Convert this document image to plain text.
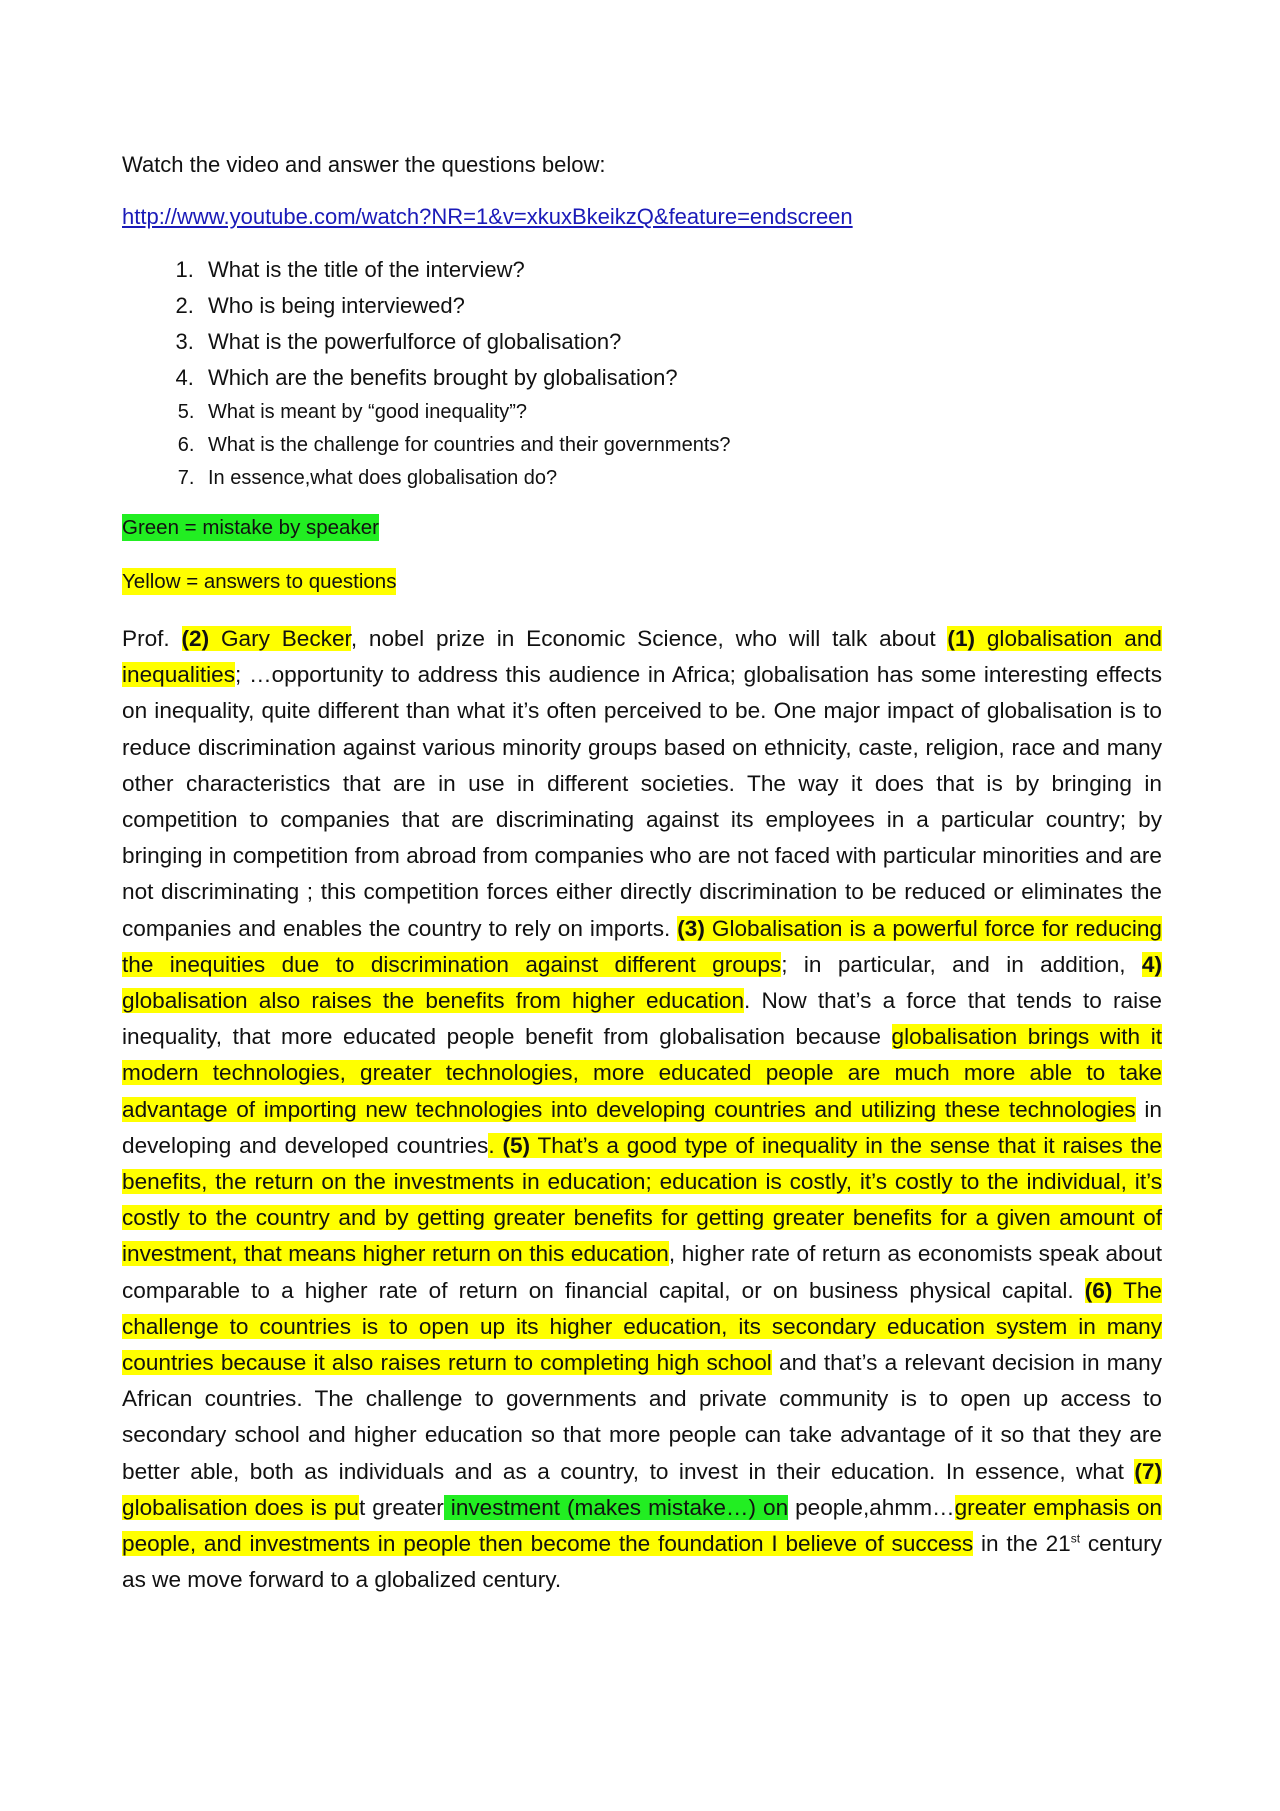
Watch the video and answer the questions below:

http://www.youtube.com/watch?NR=1&v=xkuxBkeikzQ&feature=endscreen
1. What is the title of the interview?
2. Who is being interviewed?
3. What is the powerfulforce of globalisation?
4. Which are the benefits brought by globalisation?
5. What is meant by “good inequality”?
6. What is the challenge for countries and their governments?
7. In essence,what does globalisation do?

Green = mistake by speaker

Yellow = answers to questions

Prof. (2) Gary Becker, nobel prize in Economic Science, who will talk about (1) globalisation and inequalities; …opportunity to address this audience in Africa; globalisation has some interesting effects on inequality, quite different than what it’s often perceived to be. One major impact of globalisation is to reduce discrimination against various minority groups based on ethnicity, caste, religion, race and many other characteristics that are in use in different societies. The way it does that is by bringing in competition to companies that are discriminating against its employees in a particular country; by bringing in competition from abroad from companies who are not faced with particular minorities and are not discriminating ; this competition forces either directly discrimination to be reduced or eliminates the companies and enables the country to rely on imports. (3) Globalisation is a powerful force for reducing the inequities due to discrimination against different groups; in particular, and in addition, 4) globalisation also raises the benefits from higher education. Now that’s a force that tends to raise inequality, that more educated people benefit from globalisation because globalisation brings with it modern technologies, greater technologies, more educated people are much more able to take advantage of importing new technologies into developing countries and utilizing these technologies in developing and developed countries. (5) That’s a good type of inequality in the sense that it raises the benefits, the return on the investments in education; education is costly, it’s costly to the individual, it’s costly to the country and by getting greater benefits for getting greater benefits for a given amount of investment, that means higher return on this education, higher rate of return as economists speak about comparable to a higher rate of return on financial capital, or on business physical capital. (6) The challenge to countries is to open up its higher education, its secondary education system in many countries because it also raises return to completing high school and that’s a relevant decision in many African countries. The challenge to governments and private community is to open up access to secondary school and higher education so that more people can take advantage of it so that they are better able, both as individuals and as a country, to invest in their education. In essence, what (7) globalisation does is put greater investment (makes mistake…) on people,ahmm…greater emphasis on people, and investments in people then become the foundation I believe of success in the 21st century as we move forward to a globalized century.
